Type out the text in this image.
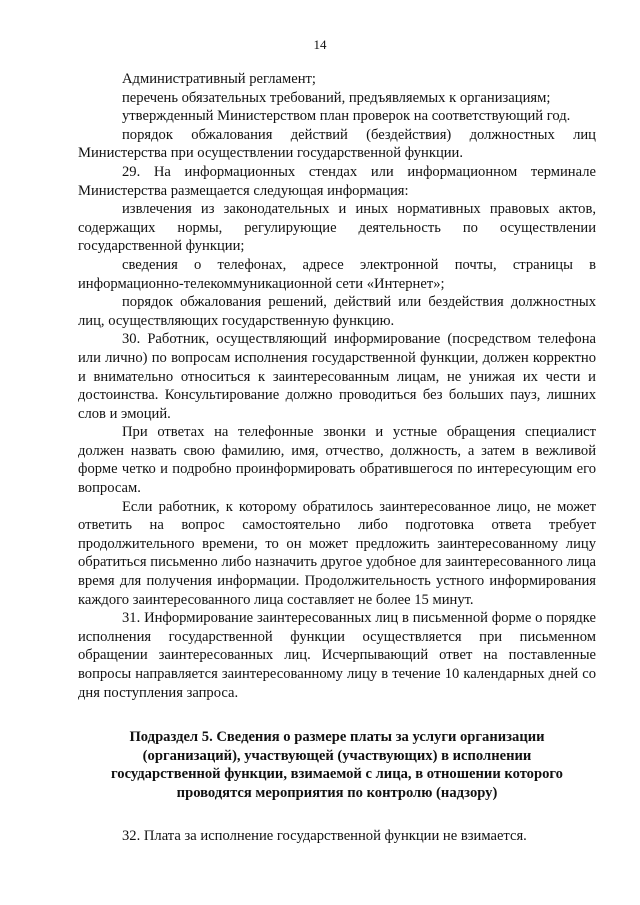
14

Административный регламент;

перечень обязательных требований, предъявляемых к организациям;

утвержденный Министерством план проверок на соответствующий год.

порядок обжалования действий (бездействия) должностных лиц Министерства при осуществлении государственной функции.

29. На информационных стендах или информационном терминале Министерства размещается следующая информация:

извлечения из законодательных и иных нормативных правовых актов, содержащих нормы, регулирующие деятельность по осуществлении государственной функции;

сведения о телефонах, адресе электронной почты, страницы в информационно-телекоммуникационной сети «Интернет»;

порядок обжалования решений, действий или бездействия должностных лиц, осуществляющих государственную функцию.

30. Работник, осуществляющий информирование (посредством телефона или лично) по вопросам исполнения государственной функции, должен корректно и внимательно относиться к заинтересованным лицам, не унижая их чести и достоинства. Консультирование должно проводиться без больших пауз, лишних слов и эмоций.

При ответах на телефонные звонки и устные обращения специалист должен назвать свою фамилию, имя, отчество, должность, а затем в вежливой форме четко и подробно проинформировать обратившегося по интересующим его вопросам.

Если работник, к которому обратилось заинтересованное лицо, не может ответить на вопрос самостоятельно либо подготовка ответа требует продолжительного времени, то он может предложить заинтересованному лицу обратиться письменно либо назначить другое удобное для заинтересованного лица время для получения информации. Продолжительность устного информирования каждого заинтересованного лица составляет не более 15 минут.

31. Информирование заинтересованных лиц в письменной форме о порядке исполнения государственной функции осуществляется при письменном обращении заинтересованных лиц. Исчерпывающий ответ на поставленные вопросы направляется заинтересованному лицу в течение 10 календарных дней со дня поступления запроса.

Подраздел 5. Сведения о размере платы за услуги организации

(организаций), участвующей (участвующих) в исполнении

государственной функции, взимаемой с лица, в отношении которого

проводятся мероприятия по контролю (надзору)

32. Плата за исполнение государственной функции не взимается.
